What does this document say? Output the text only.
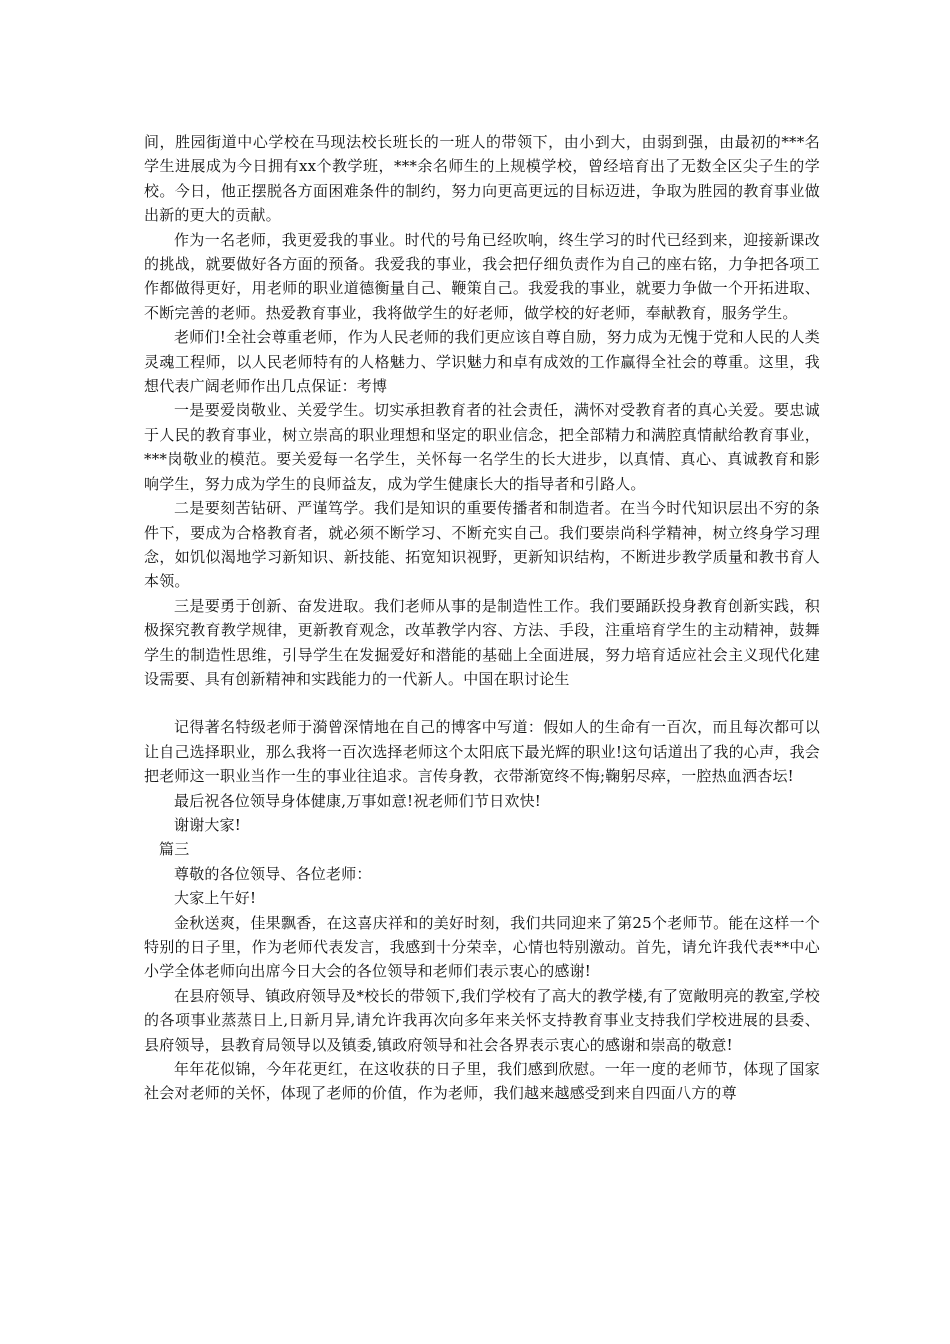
间，胜园街道中心学校在马现法校长班长的一班人的带领下，由小到大，由弱到强，由最初的***名学生进展成为今日拥有xx个教学班，***余名师生的上规模学校，曾经培育出了无数全区尖子生的学校。今日，他正摆脱各方面困难条件的制约，努力向更高更远的目标迈进，争取为胜园的教育事业做出新的更大的贡献。

作为一名老师，我更爱我的事业。时代的号角已经吹响，终生学习的时代已经到来，迎接新课改的挑战，就要做好各方面的预备。我爱我的事业，我会把仔细负责作为自己的座右铭，力争把各项工作都做得更好，用老师的职业道德衡量自己、鞭策自己。我爱我的事业，就要力争做一个开拓进取、不断完善的老师。热爱教育事业，我将做学生的好老师，做学校的好老师，奉献教育，服务学生。

老师们!全社会尊重老师，作为人民老师的我们更应该自尊自励，努力成为无愧于党和人民的人类灵魂工程师，以人民老师特有的人格魅力、学识魅力和卓有成效的工作赢得全社会的尊重。这里，我想代表广阔老师作出几点保证：考博

一是要爱岗敬业、关爱学生。切实承担教育者的社会责任，满怀对受教育者的真心关爱。要忠诚于人民的教育事业，树立崇高的职业理想和坚定的职业信念，把全部精力和满腔真情献给教育事业，***岗敬业的模范。要关爱每一名学生，关怀每一名学生的长大进步，以真情、真心、真诚教育和影响学生，努力成为学生的良师益友，成为学生健康长大的指导者和引路人。

二是要刻苦钻研、严谨笃学。我们是知识的重要传播者和制造者。在当今时代知识层出不穷的条件下，要成为合格教育者，就必须不断学习、不断充实自己。我们要崇尚科学精神，树立终身学习理念，如饥似渴地学习新知识、新技能、拓宽知识视野，更新知识结构，不断进步教学质量和教书育人本领。

三是要勇于创新、奋发进取。我们老师从事的是制造性工作。我们要踊跃投身教育创新实践，积极探究教育教学规律，更新教育观念，改革教学内容、方法、手段，注重培育学生的主动精神，鼓舞学生的制造性思维，引导学生在发掘爱好和潜能的基础上全面进展，努力培育适应社会主义现代化建设需要、具有创新精神和实践能力的一代新人。中国在职讨论生

记得著名特级老师于漪曾深情地在自己的博客中写道：假如人的生命有一百次，而且每次都可以让自己选择职业，那么我将一百次选择老师这个太阳底下最光辉的职业!这句话道出了我的心声，我会把老师这一职业当作一生的事业往追求。言传身教，衣带渐宽终不悔;鞠躬尽瘁，一腔热血洒杏坛!

最后祝各位领导身体健康,万事如意!祝老师们节日欢快!

谢谢大家!

篇三

尊敬的各位领导、各位老师：

大家上午好!

金秋送爽，佳果飘香，在这喜庆祥和的美好时刻，我们共同迎来了第25个老师节。能在这样一个特别的日子里，作为老师代表发言，我感到十分荣幸，心情也特别激动。首先，请允许我代表**中心小学全体老师向出席今日大会的各位领导和老师们表示衷心的感谢!

在县府领导、镇政府领导及*校长的带领下,我们学校有了高大的教学楼,有了宽敞明亮的教室,学校的各项事业蒸蒸日上,日新月异,请允许我再次向多年来关怀支持教育事业支持我们学校进展的县委、县府领导，县教育局领导以及镇委,镇政府领导和社会各界表示衷心的感谢和崇高的敬意!

年年花似锦，今年花更红，在这收获的日子里，我们感到欣慰。一年一度的老师节，体现了国家社会对老师的关怀，体现了老师的价值，作为老师，我们越来越感受到来自四面八方的尊
